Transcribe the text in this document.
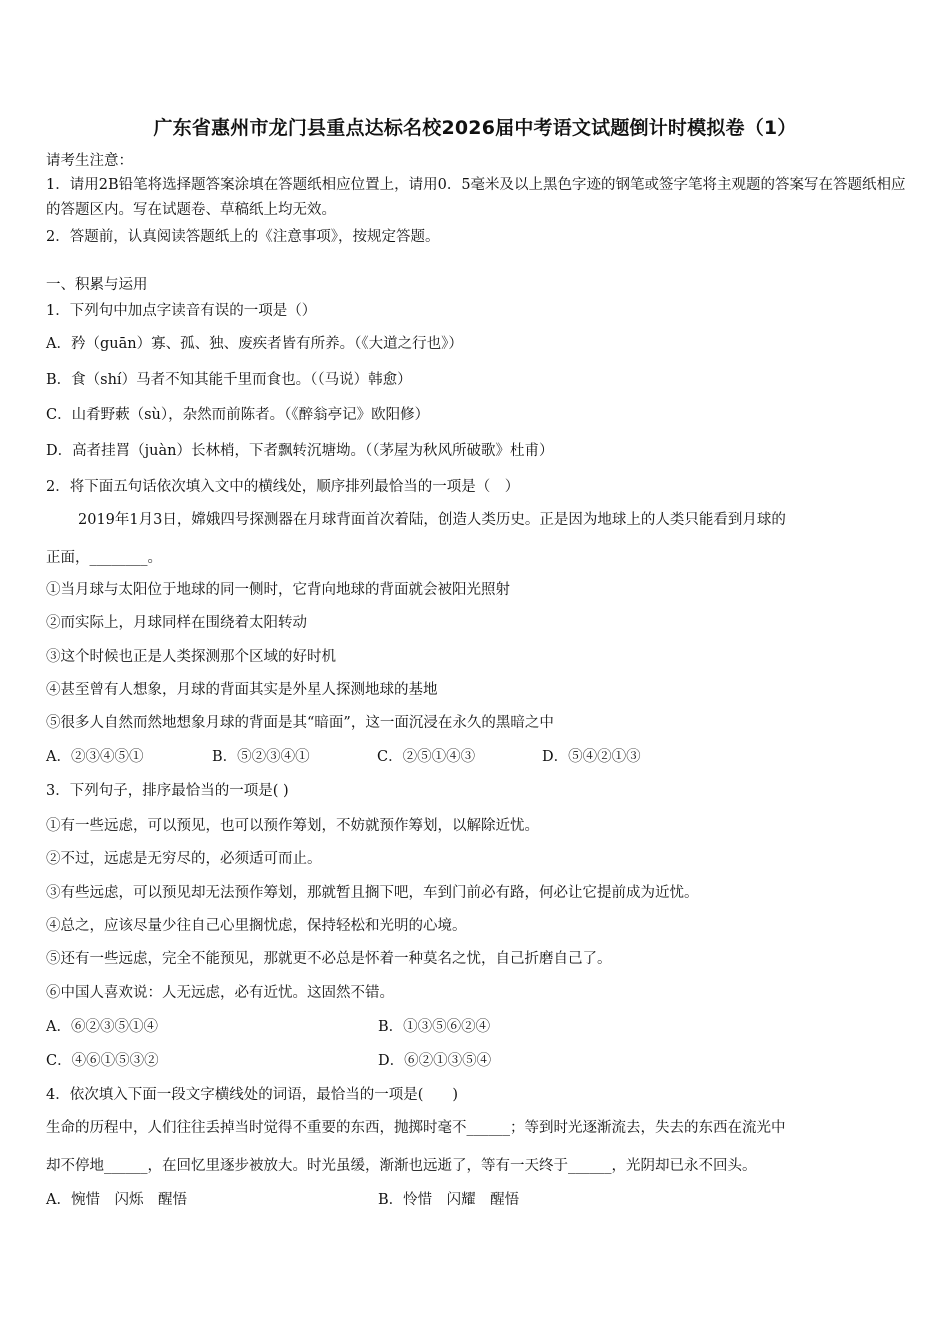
广东省惠州市龙门县重点达标名校2026届中考语文试题倒计时模拟卷（1）
请考生注意：
1．请用2B铅笔将选择题答案涂填在答题纸相应位置上，请用0．5毫米及以上黑色字迹的钢笔或签字笔将主观题的答案写在答题纸相应的答题区内。写在试题卷、草稿纸上均无效。
2．答题前，认真阅读答题纸上的《注意事项》，按规定答题。
一、积累与运用
1．下列句中加点字读音有误的一项是（）
A．矜（guān）寡、孤、独、废疾者皆有所养。（《大道之行也》）
B．食（shí）马者不知其能千里而食也。（（马说）韩愈）
C．山肴野蔌（sù），杂然而前陈者。（《醉翁亭记》欧阳修）
D．高者挂罥（juàn）长林梢，下者飘转沉塘坳。（（茅屋为秋风所破歌》杜甫）
2．将下面五句话依次填入文中的横线处，顺序排列最恰当的一项是（　）
2019年1月3日，嫦娥四号探测器在月球背面首次着陆，创造人类历史。正是因为地球上的人类只能看到月球的
正面，________。
①当月球与太阳位于地球的同一侧时，它背向地球的背面就会被阳光照射
②而实际上，月球同样在围绕着太阳转动
③这个时候也正是人类探测那个区域的好时机
④甚至曾有人想象，月球的背面其实是外星人探测地球的基地
⑤很多人自然而然地想象月球的背面是其“暗面”，这一面沉浸在永久的黑暗之中
A．②③④⑤①	B．⑤②③④①	C．②⑤①④③	D．⑤④②①③
3．下列句子，排序最恰当的一项是( )
①有一些远虑，可以预见，也可以预作筹划，不妨就预作筹划，以解除近忧。
②不过，远虑是无穷尽的，必须适可而止。
③有些远虑，可以预见却无法预作筹划，那就暂且搁下吧，车到门前必有路，何必让它提前成为近忧。
④总之，应该尽量少往自己心里搁忧虑，保持轻松和光明的心境。
⑤还有一些远虑，完全不能预见，那就更不必总是怀着一种莫名之忧，自己折磨自己了。
⑥中国人喜欢说：人无远虑，必有近忧。这固然不错。
A．⑥②③⑤①④	B．①③⑤⑥②④
C．④⑥①⑤③②	D．⑥②①③⑤④
4．依次填入下面一段文字横线处的词语，最恰当的一项是(　　)
生命的历程中，人们往往丢掉当时觉得不重要的东西，抛掷时毫不______；等到时光逐渐流去，失去的东西在流光中
却不停地______，在回忆里逐步被放大。时光虽缓，渐渐也远逝了，等有一天终于______，光阴却已永不回头。
A．惋惜　闪烁　醒悟	B．怜惜　闪耀　醒悟
